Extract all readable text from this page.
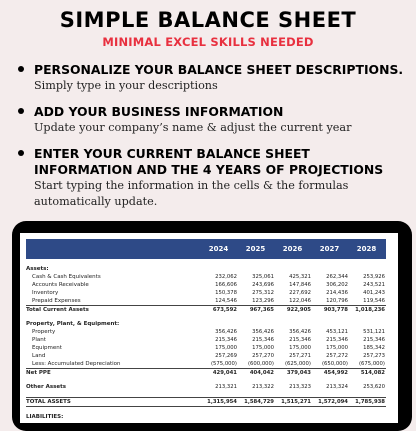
SIMPLE BALANCE SHEET
MINIMAL EXCEL SKILLS NEEDED
PERSONALIZE YOUR BALANCE SHEET DESCRIPTIONS.
Simply type in your descriptions
ADD YOUR BUSINESS INFORMATION
Update your company’s name & adjust the current year
ENTER YOUR CURRENT BALANCE SHEET INFORMATION AND THE 4 YEARS OF PROJECTIONS
Start typing the information in the cells & the formulas automatically update.
2024	2025	2026	2027	2028
Assets:
Cash & Cash Equivalents	232,062	325,061	425,321	262,344	253,926
Accounts Receivable	166,606	243,696	147,846	306,202	243,521
Inventory	150,378	275,312	227,692	214,436	401,243
Prepaid Expenses	124,546	123,296	122,046	120,796	119,546
Total Current Assets	673,592	967,365	922,905	903,778	1,018,236
Property, Plant, & Equipment:
Property	356,426	356,426	356,426	453,121	531,121
Plant	215,346	215,346	215,346	215,346	215,346
Equipment	175,000	175,000	175,000	175,000	185,342
Land	257,269	257,270	257,271	257,272	257,273
Less: Accumulated Depreciation	(575,000)	(600,000)	(625,000)	(650,000)	(675,000)
Net PPE	429,041	404,042	379,043	454,992	514,082
Other Assets	213,321	213,322	213,323	213,324	253,620
TOTAL ASSETS	1,315,954	1,584,729	1,515,271	1,572,094	1,785,938
LIABILITIES:
